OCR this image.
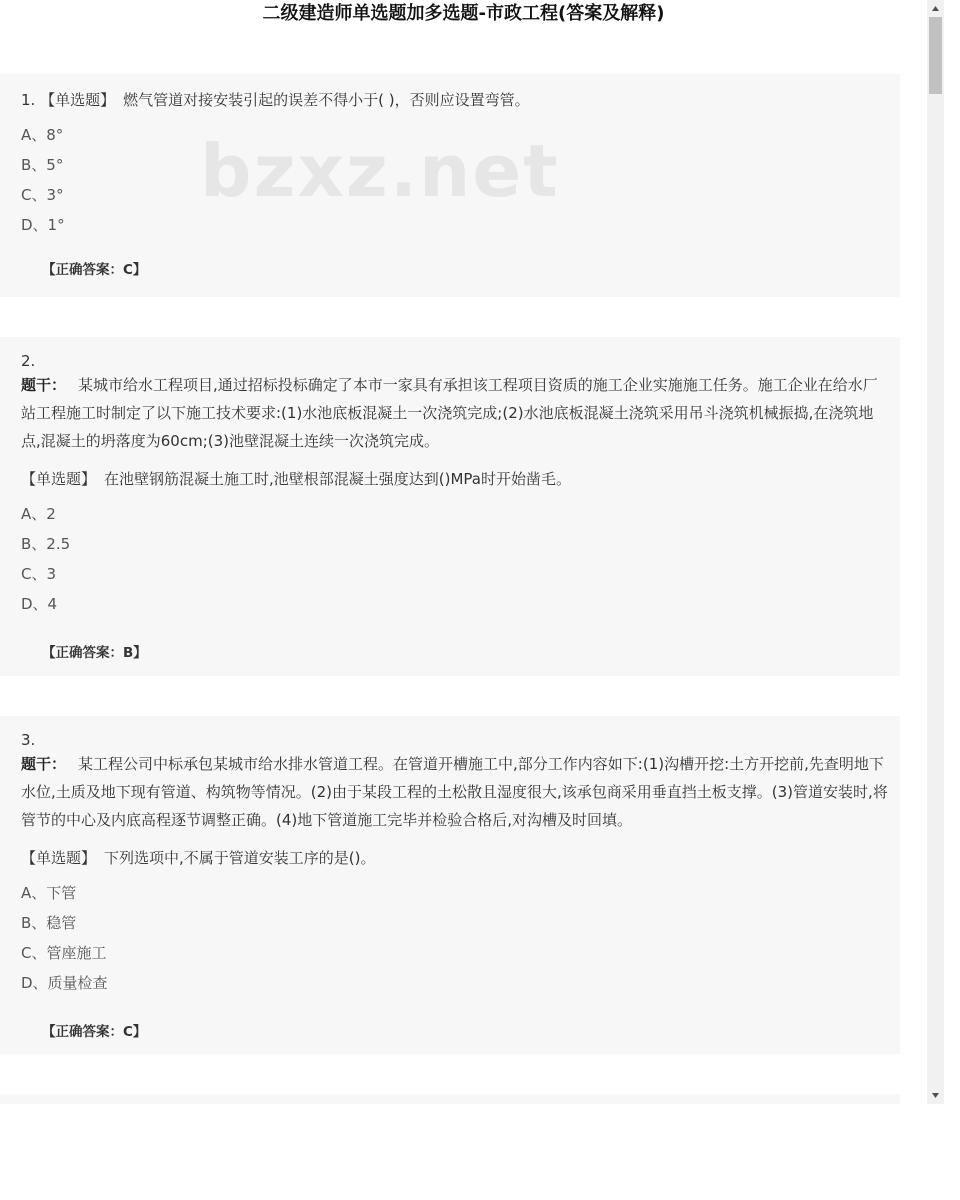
二级建造师单选题加多选题-市政工程(答案及解释)
bzxz.net
1. 【单选题】 燃气管道对接安装引起的误差不得小于( )，否则应设置弯管。
A、8°
B、5°
C、3°
D、1°
【正确答案：C】
2.
题干： 某城市给水工程项目,通过招标投标确定了本市一家具有承担该工程项目资质的施工企业实施施工任务。施工企业在给水厂站工程施工时制定了以下施工技术要求:(1)水池底板混凝土一次浇筑完成;(2)水池底板混凝土浇筑采用吊斗浇筑机械振捣,在浇筑地点,混凝土的坍落度为60cm;(3)池壁混凝土连续一次浇筑完成。
【单选题】 在池壁钢筋混凝土施工时,池壁根部混凝土强度达到()MPa时开始凿毛。
A、2
B、2.5
C、3
D、4
【正确答案：B】
3.
题干： 某工程公司中标承包某城市给水排水管道工程。在管道开槽施工中,部分工作内容如下:(1)沟槽开挖:土方开挖前,先查明地下水位,土质及地下现有管道、构筑物等情况。(2)由于某段工程的土松散且湿度很大,该承包商采用垂直挡土板支撑。(3)管道安装时,将管节的中心及内底高程逐节调整正确。(4)地下管道施工完毕并检验合格后,对沟槽及时回填。
【单选题】 下列选项中,不属于管道安装工序的是()。
A、下管
B、稳管
C、管座施工
D、质量检查
【正确答案：C】
